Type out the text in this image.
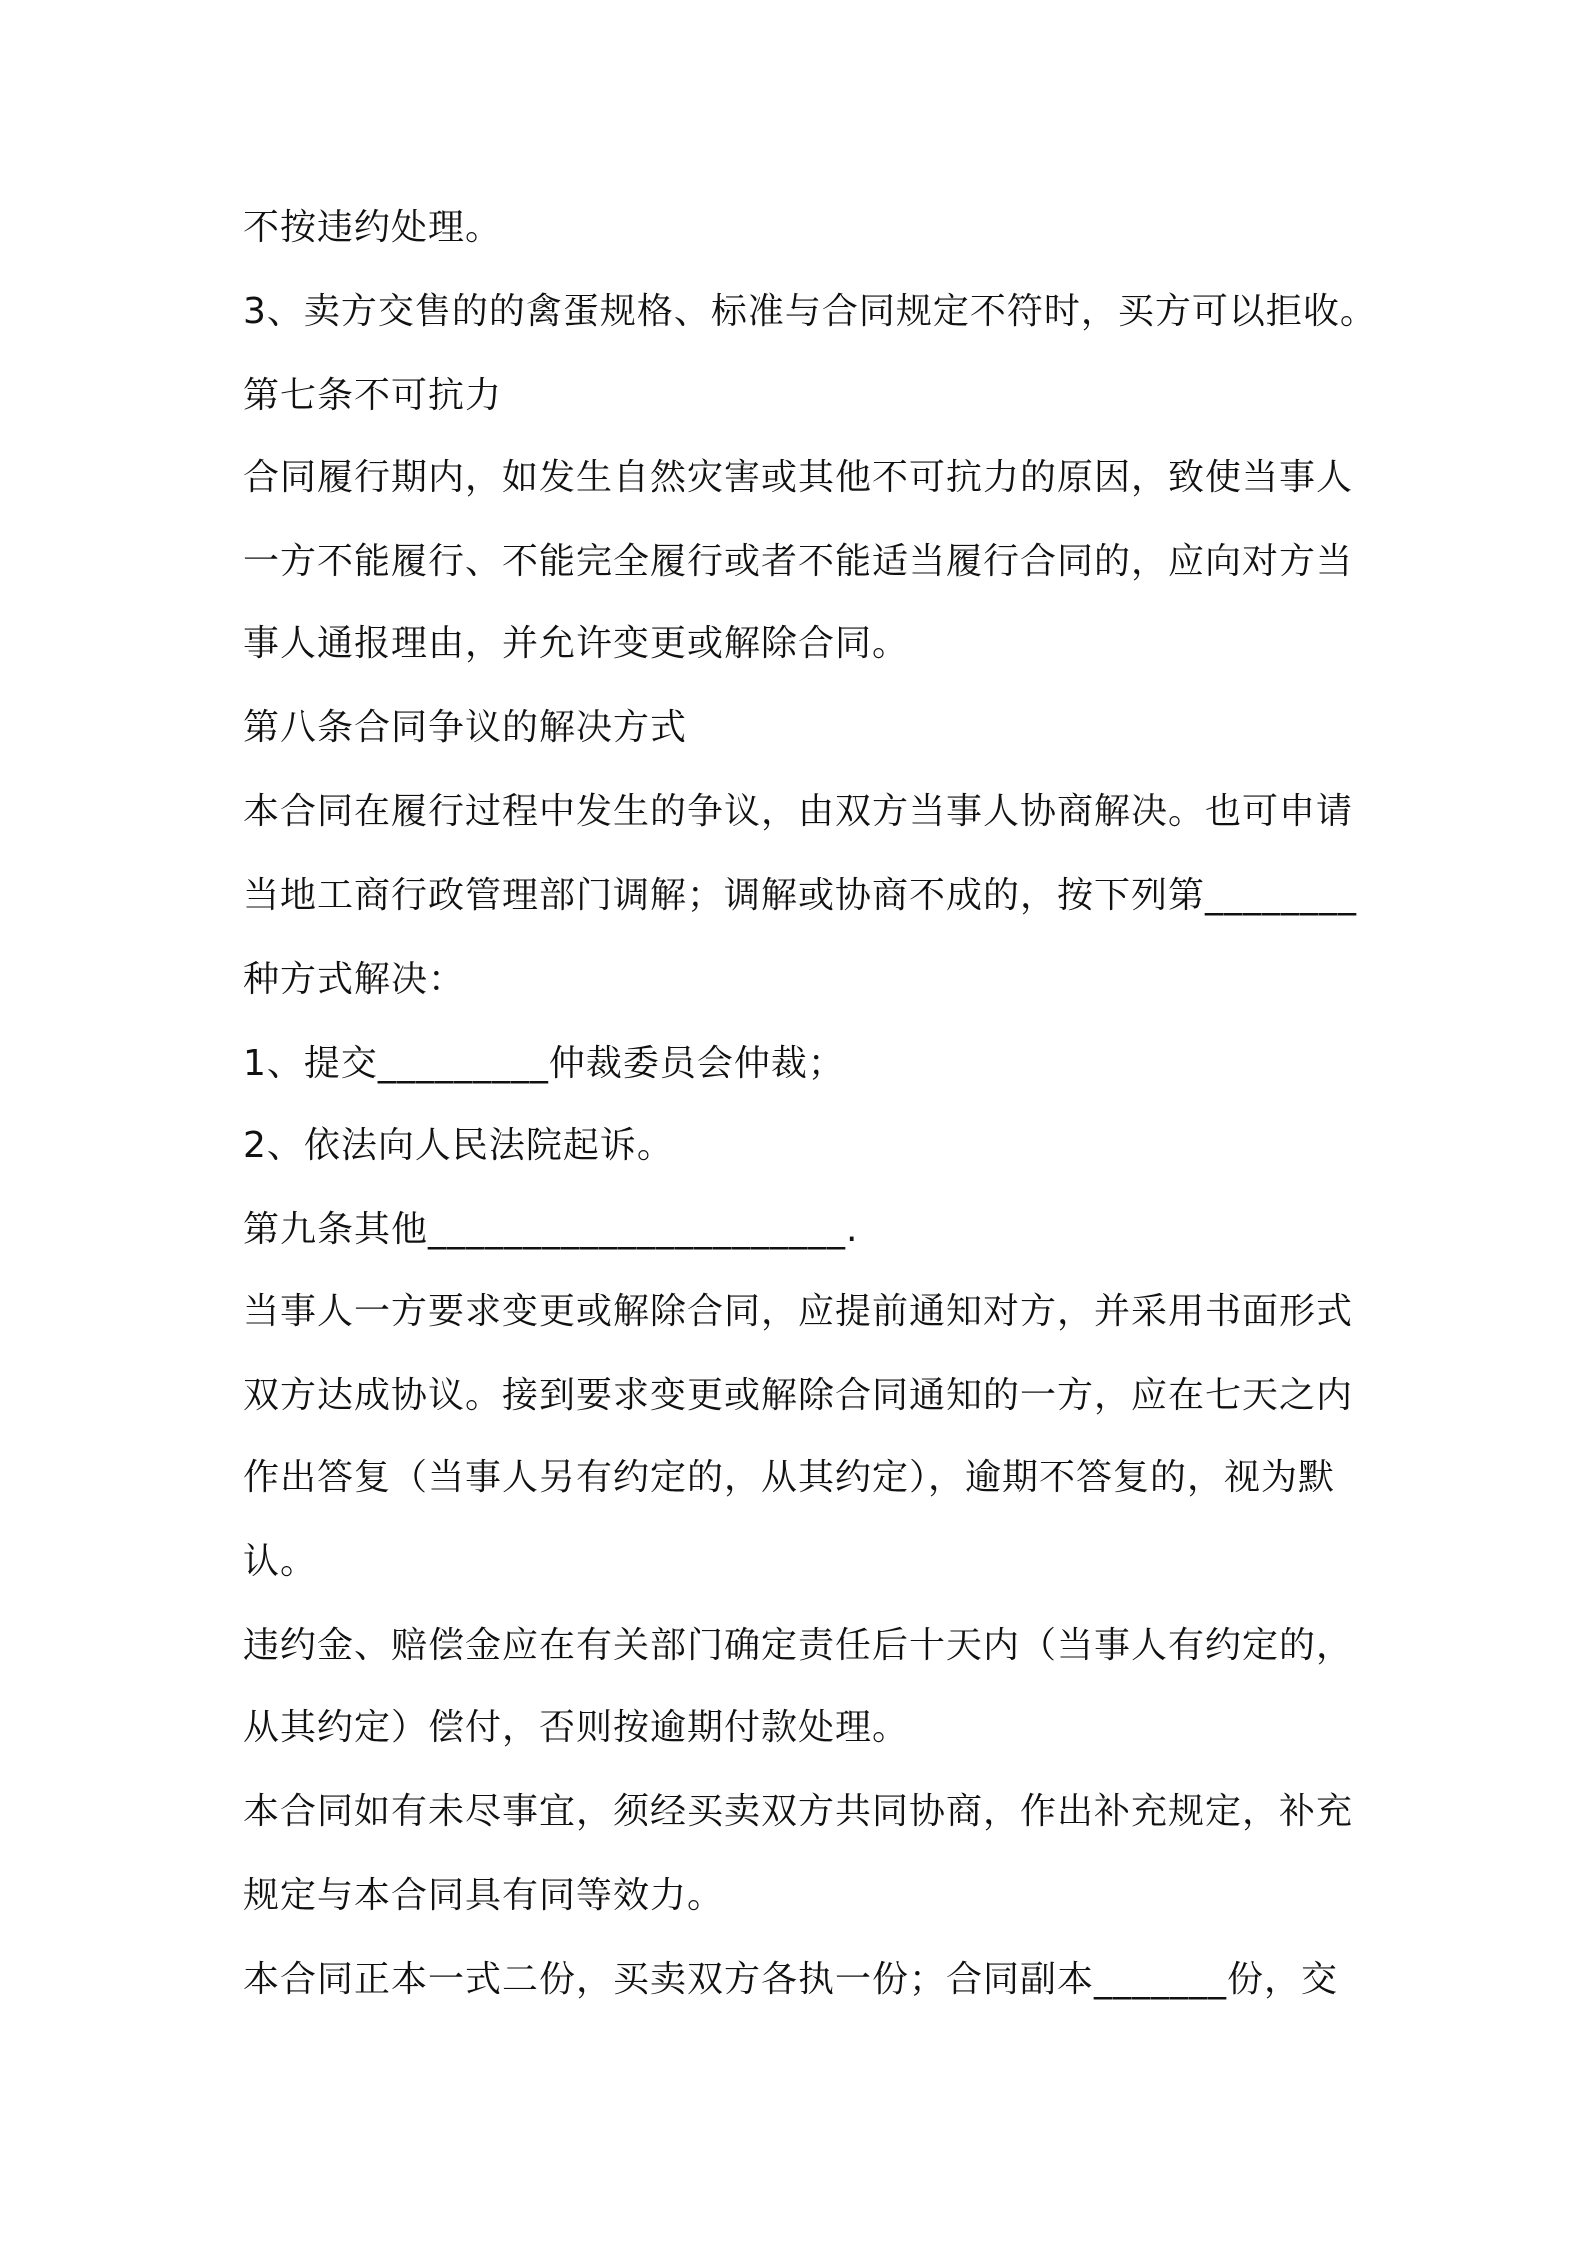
不按违约处理。
3、卖方交售的的禽蛋规格、标准与合同规定不符时，买方可以拒收。
第七条不可抗力
合同履行期内，如发生自然灾害或其他不可抗力的原因，致使当事人
一方不能履行、不能完全履行或者不能适当履行合同的，应向对方当
事人通报理由，并允许变更或解除合同。
第八条合同争议的解决方式
本合同在履行过程中发生的争议，由双方当事人协商解决。也可申请
当地工商行政管理部门调解；调解或协商不成的，按下列第________
种方式解决：
1、提交_________仲裁委员会仲裁；
2、依法向人民法院起诉。
第九条其他______________________.
当事人一方要求变更或解除合同，应提前通知对方，并采用书面形式
双方达成协议。接到要求变更或解除合同通知的一方，应在七天之内
作出答复（当事人另有约定的，从其约定），逾期不答复的，视为默
认。
违约金、赔偿金应在有关部门确定责任后十天内（当事人有约定的，
从其约定）偿付，否则按逾期付款处理。
本合同如有未尽事宜，须经买卖双方共同协商，作出补充规定，补充
规定与本合同具有同等效力。
本合同正本一式二份，买卖双方各执一份；合同副本_______份，交
